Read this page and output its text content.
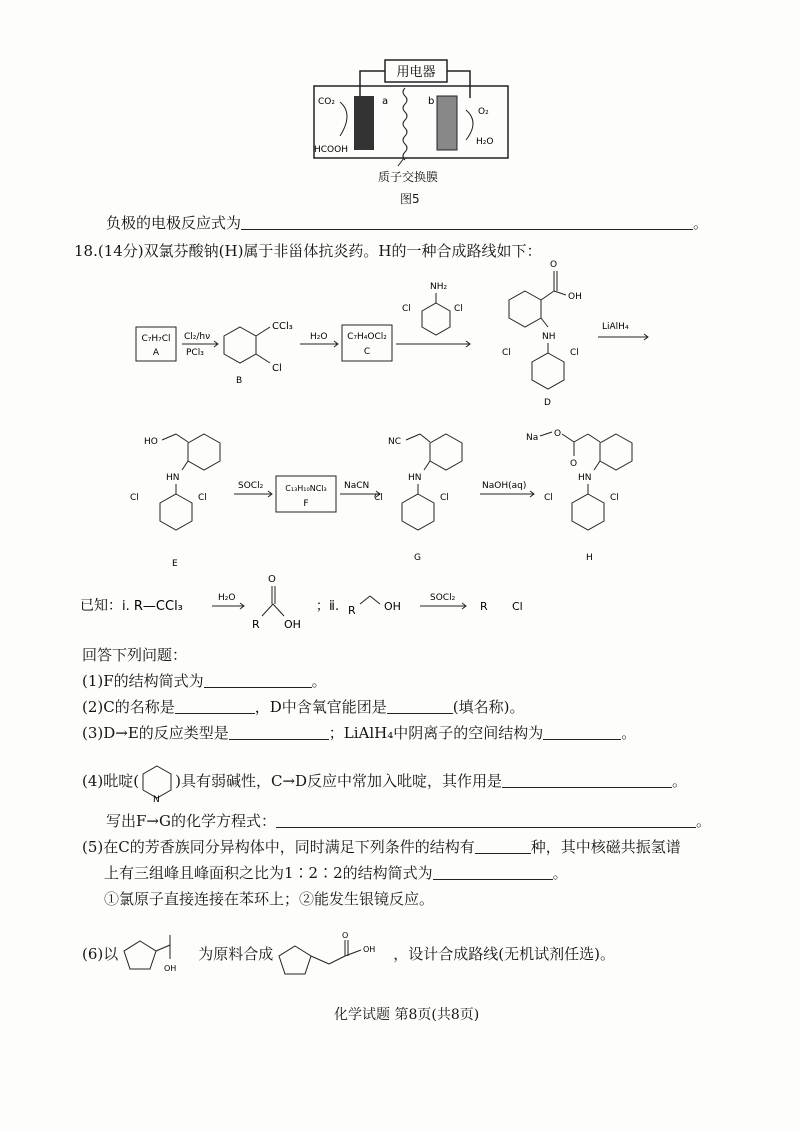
用电器
a	b
CO₂
HCOOH
O₂
H₂O
质子交换膜
图5
负极的电极反应式为	。
18.(14分)双氯芬酸钠(H)属于非甾体抗炎药。H的一种合成路线如下：
C₇H₇Cl
A
Cl₂/hν
PCl₃
CCl₃
Cl
B
H₂O C₇H₄OCl₂
C
NH₂
Cl	Cl
O
OH
NH
Cl	Cl
D
LiAlH₄
HO
HN
Cl	Cl
E
SOCl₂	C₁₃H₁₀NCl₃
F
NaCN
NC
HN
Cl	Cl
G
NaOH(aq)
Na O
O
HN
Cl	Cl
H
已知： ⅰ. R—CCl₃
H₂O
O
R OH
；ⅱ. R	OH
SOCl₂
R Cl
回答下列问题：
(1)F的结构简式为	。
(2)C的名称是	，D中含氧官能团是	(填名称)。
(3)D→E的反应类型是	；LiAlH₄中阴离子的空间结构为	。
(4)吡啶(
N
)具有弱碱性，C→D反应中常加入吡啶，其作用是	。
写出F→G的化学方程式：	。
(5)在C的芳香族同分异构体中，同时满足下列条件的结构有	种，其中核磁共振氢谱
上有三组峰且峰面积之比为1∶2∶2的结构简式为	。
①氯原子直接连接在苯环上；②能发生银镜反应。
(6)以
OH
为原料合成
O
OH ，设计合成路线(无机试剂任选)。
化学试题 第8页(共8页)
